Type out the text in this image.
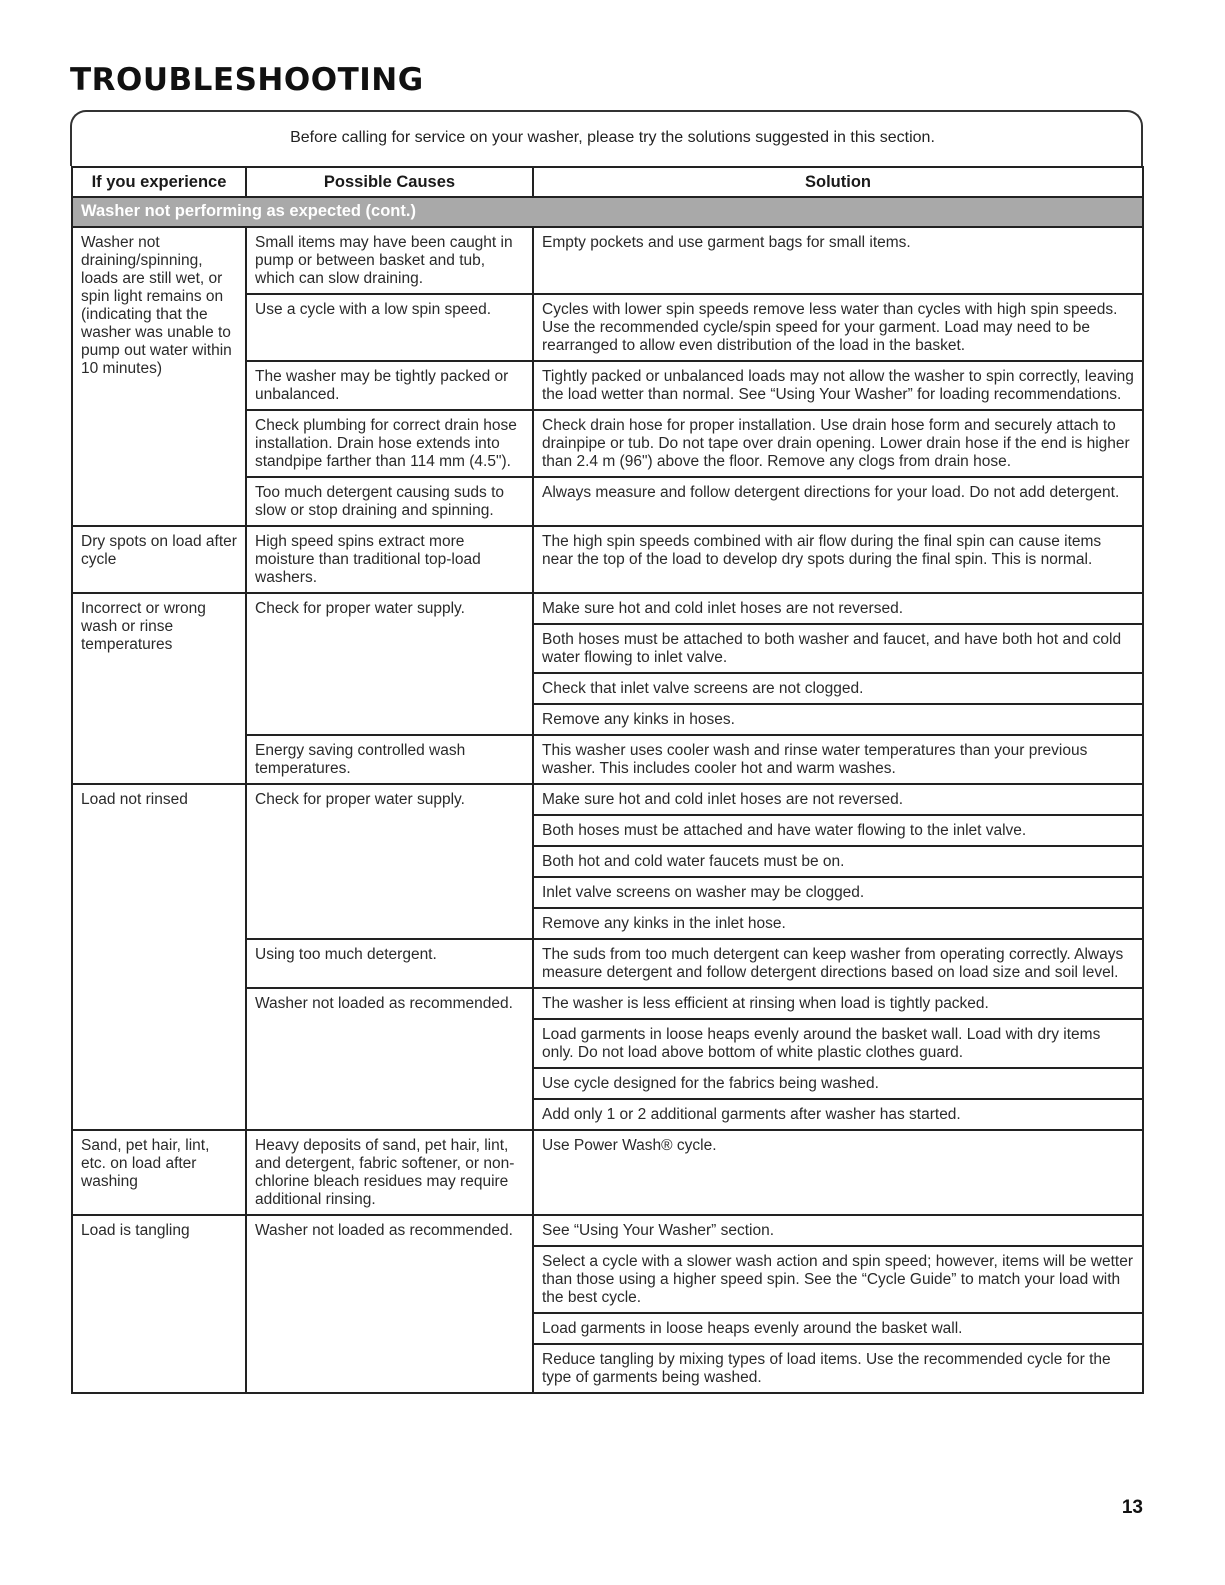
TROUBLESHOOTING
Before calling for service on your washer, please try the solutions suggested in this section.
If you experience	Possible Causes	Solution
Washer not performing as expected (cont.)		
Washer not draining/spinning, loads are still wet, or spin light remains on (indicating that the washer was unable to pump out water within 10 minutes)	Small items may have been caught in pump or between basket and tub, which can slow draining.	Empty pockets and use garment bags for small items.
	Use a cycle with a low spin speed.	Cycles with lower spin speeds remove less water than cycles with high spin speeds. Use the recommended cycle/spin speed for your garment. Load may need to be rearranged to allow even distribution of the load in the basket.
	The washer may be tightly packed or unbalanced.	Tightly packed or unbalanced loads may not allow the washer to spin correctly, leaving the load wetter than normal. See “Using Your Washer” for loading recommendations.
	Check plumbing for correct drain hose installation. Drain hose extends into standpipe farther than 114 mm (4.5").	Check drain hose for proper installation. Use drain hose form and securely attach to drainpipe or tub. Do not tape over drain opening. Lower drain hose if the end is higher than 2.4 m (96") above the floor. Remove any clogs from drain hose.
	Too much detergent causing suds to slow or stop draining and spinning.	Always measure and follow detergent directions for your load. Do not add detergent.
Dry spots on load after cycle	High speed spins extract more moisture than traditional top-load washers.	The high spin speeds combined with air flow during the final spin can cause items near the top of the load to develop dry spots during the final spin. This is normal.
Incorrect or wrong wash or rinse temperatures	Check for proper water supply.	Make sure hot and cold inlet hoses are not reversed.
		Both hoses must be attached to both washer and faucet, and have both hot and cold water flowing to inlet valve.
		Check that inlet valve screens are not clogged.
		Remove any kinks in hoses.
	Energy saving controlled wash temperatures.	This washer uses cooler wash and rinse water temperatures than your previous washer. This includes cooler hot and warm washes.
Load not rinsed	Check for proper water supply.	Make sure hot and cold inlet hoses are not reversed.
		Both hoses must be attached and have water flowing to the inlet valve.
		Both hot and cold water faucets must be on.
		Inlet valve screens on washer may be clogged.
		Remove any kinks in the inlet hose.
	Using too much detergent.	The suds from too much detergent can keep washer from operating correctly. Always measure detergent and follow detergent directions based on load size and soil level.
	Washer not loaded as recommended.	The washer is less efficient at rinsing when load is tightly packed.
		Load garments in loose heaps evenly around the basket wall. Load with dry items only. Do not load above bottom of white plastic clothes guard.
		Use cycle designed for the fabrics being washed.
		Add only 1 or 2 additional garments after washer has started.
Sand, pet hair, lint, etc. on load after washing	Heavy deposits of sand, pet hair, lint, and detergent, fabric softener, or non-chlorine bleach residues may require additional rinsing.	Use Power Wash® cycle.
Load is tangling	Washer not loaded as recommended.	See “Using Your Washer” section.
		Select a cycle with a slower wash action and spin speed; however, items will be wetter than those using a higher speed spin. See the “Cycle Guide” to match your load with the best cycle.
		Load garments in loose heaps evenly around the basket wall.
		Reduce tangling by mixing types of load items. Use the recommended cycle for the type of garments being washed.
13
